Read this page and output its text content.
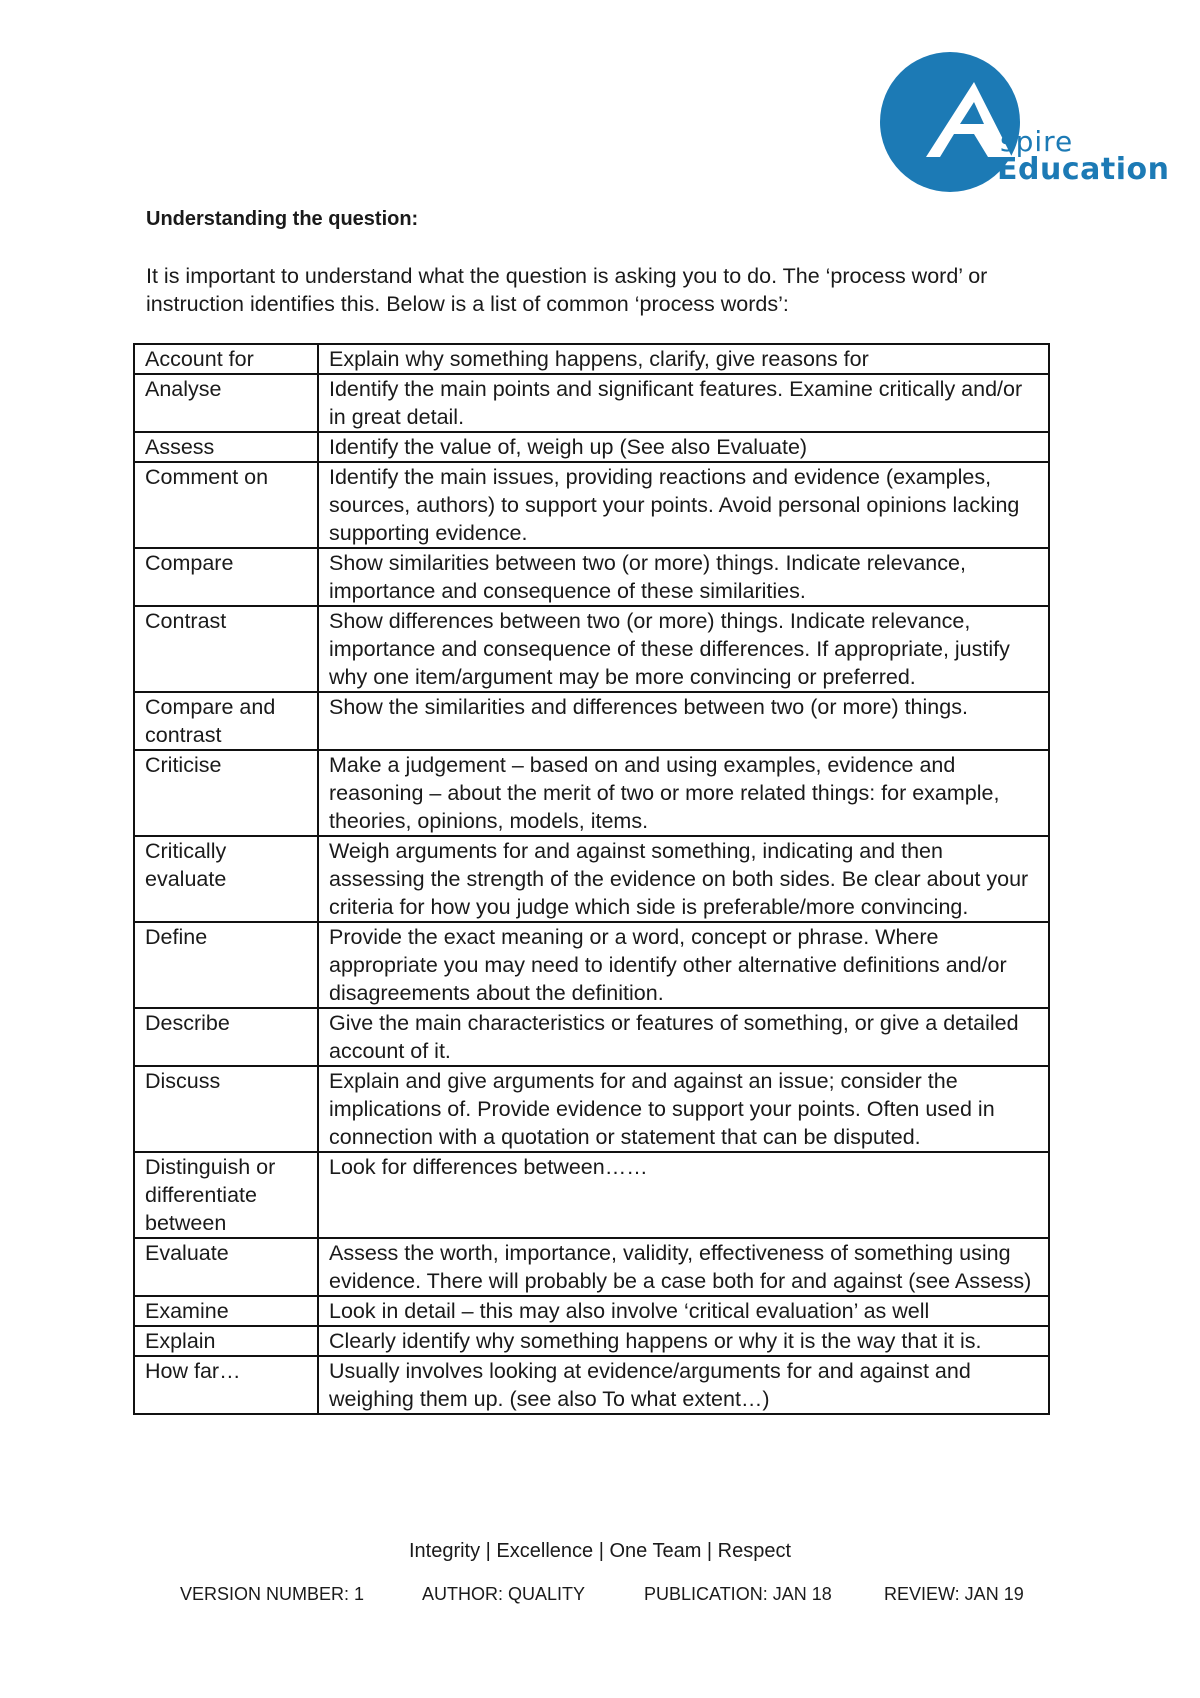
spire
Education
Understanding the question:
It is important to understand what the question is asking you to do. The ‘process word’ or instruction identifies this. Below is a list of common ‘process words’:
Account for	Explain why something happens, clarify, give reasons for
Analyse	Identify the main points and significant features. Examine critically and/or in great detail.
Assess	Identify the value of, weigh up (See also Evaluate)
Comment on	Identify the main issues, providing reactions and evidence (examples, sources, authors) to support your points. Avoid personal opinions lacking supporting evidence.
Compare	Show similarities between two (or more) things. Indicate relevance, importance and consequence of these similarities.
Contrast	Show differences between two (or more) things. Indicate relevance, importance and consequence of these differences. If appropriate, justify why one item/argument may be more convincing or preferred.
Compare and contrast	Show the similarities and differences between two (or more) things.
Criticise	Make a judgement – based on and using examples, evidence and reasoning – about the merit of two or more related things: for example, theories, opinions, models, items.
Critically evaluate	Weigh arguments for and against something, indicating and then assessing the strength of the evidence on both sides. Be clear about your criteria for how you judge which side is preferable/more convincing.
Define	Provide the exact meaning or a word, concept or phrase. Where appropriate you may need to identify other alternative definitions and/or disagreements about the definition.
Describe	Give the main characteristics or features of something, or give a detailed account of it.
Discuss	Explain and give arguments for and against an issue; consider the implications of. Provide evidence to support your points. Often used in connection with a quotation or statement that can be disputed.
Distinguish or differentiate between	Look for differences between……
Evaluate	Assess the worth, importance, validity, effectiveness of something using evidence. There will probably be a case both for and against (see Assess)
Examine	Look in detail – this may also involve ‘critical evaluation’ as well
Explain	Clearly identify why something happens or why it is the way that it is.
How far…	Usually involves looking at evidence/arguments for and against and weighing them up. (see also To what extent…)
Integrity | Excellence | One Team | Respect
VERSION NUMBER: 1	AUTHOR: QUALITY	PUBLICATION: JAN 18	REVIEW: JAN 19
